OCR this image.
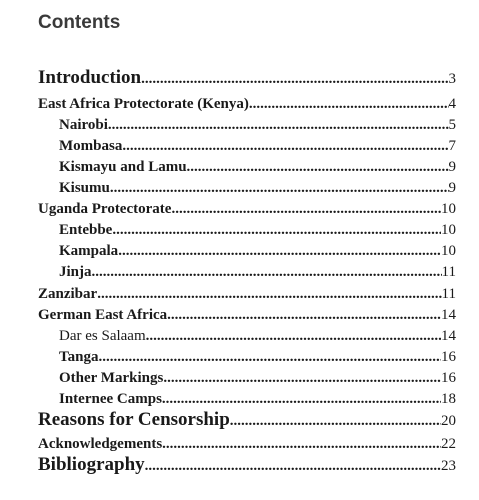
Contents
Introduction .....	3
East Africa Protectorate (Kenya) .....	4
Nairobi .....	5
Mombasa .....	7
Kismayu and Lamu .....	9
Kisumu .....	9
Uganda Protectorate .....	10
Entebbe .....	10
Kampala .....	10
Jinja .....	11
Zanzibar .....	11
German East Africa .....	14
Dar es Salaam .....	14
Tanga .....	16
Other Markings .....	16
Internee Camps .....	18
Reasons for Censorship .....	20
Acknowledgements .....	22
Bibliography .....	23
